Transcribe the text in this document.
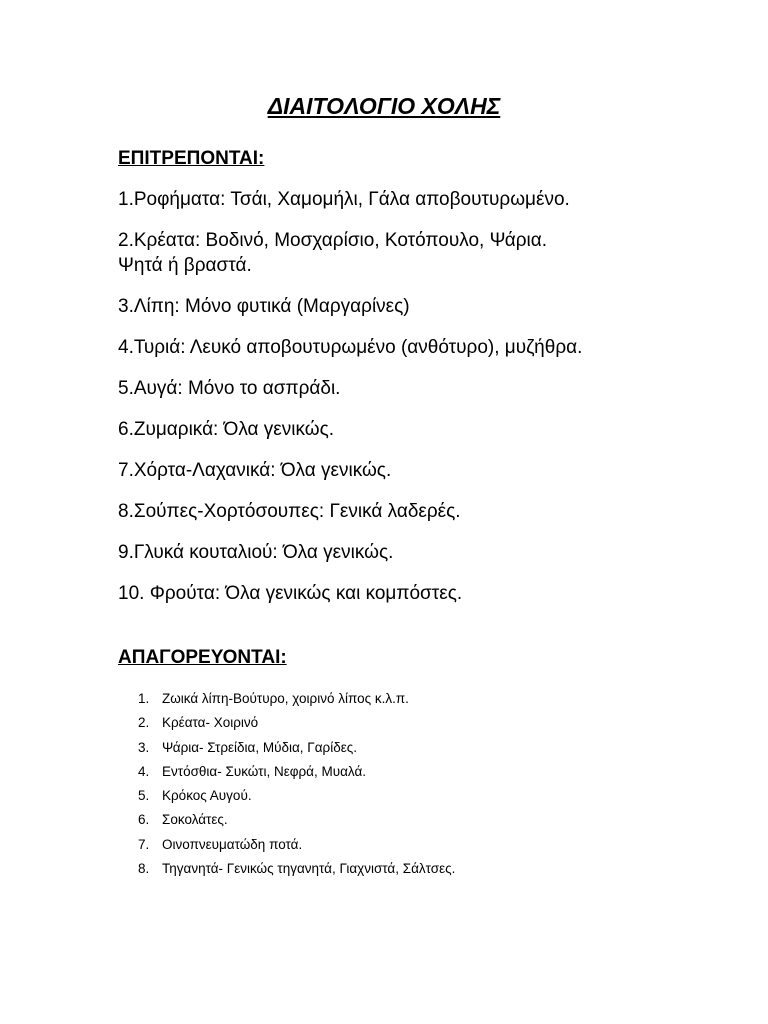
ΔΙΑΙΤΟΛΟΓΙΟ ΧΟΛΗΣ
ΕΠΙΤΡΕΠΟΝΤΑΙ:
1.Ροφήματα: Τσάι, Χαμομήλι, Γάλα αποβουτυρωμένο.
2.Κρέατα: Βοδινό, Μοσχαρίσιο, Κοτόπουλο, Ψάρια.
Ψητά ή βραστά.
3.Λίπη: Μόνο φυτικά (Μαργαρίνες)
4.Τυριά: Λευκό αποβουτυρωμένο (ανθότυρο), μυζήθρα.
5.Αυγά: Μόνο το ασπράδι.
6.Ζυμαρικά: Όλα γενικώς.
7.Χόρτα-Λαχανικά: Όλα γενικώς.
8.Σούπες-Χορτόσουπες: Γενικά λαδερές.
9.Γλυκά κουταλιού: Όλα γενικώς.
10. Φρούτα: Όλα γενικώς και κομπόστες.
ΑΠΑΓΟΡΕΥΟΝΤΑΙ:
1. Ζωικά λίπη-Βούτυρο, χοιρινό λίπος κ.λ.π.
2. Κρέατα- Χοιρινό
3. Ψάρια- Στρείδια, Μύδια, Γαρίδες.
4. Εντόσθια- Συκώτι, Νεφρά, Μυαλά.
5. Κρόκος Αυγού.
6. Σοκολάτες.
7. Οινοπνευματώδη ποτά.
8. Τηγανητά- Γενικώς τηγανητά, Γιαχνιστά, Σάλτσες.
